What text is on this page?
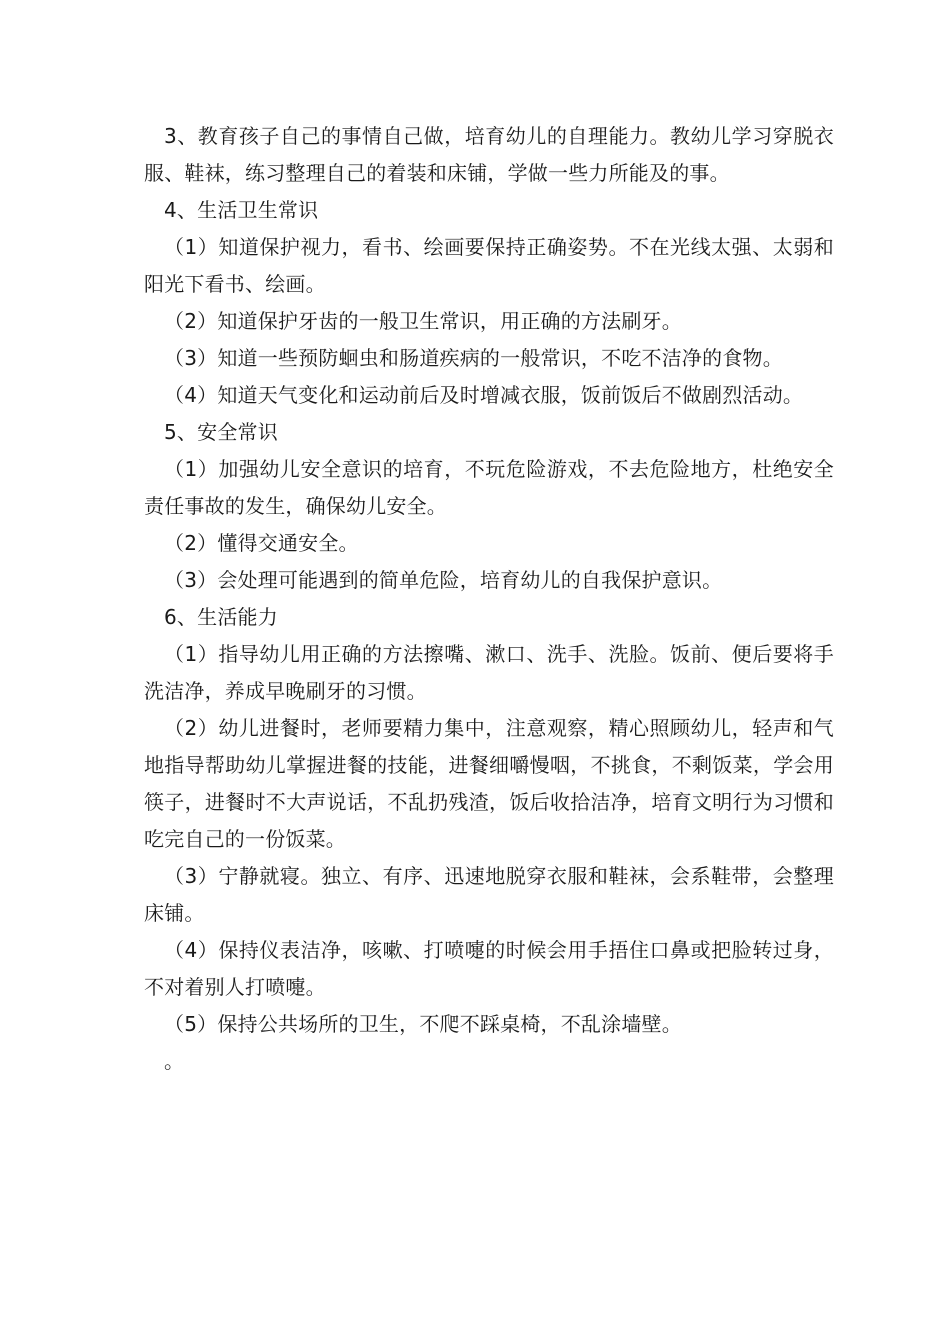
3、教育孩子自己的事情自己做，培育幼儿的自理能力。教幼儿学习穿脱衣服、鞋袜，练习整理自己的着装和床铺，学做一些力所能及的事。

4、生活卫生常识

（1）知道保护视力，看书、绘画要保持正确姿势。不在光线太强、太弱和阳光下看书、绘画。

（2）知道保护牙齿的一般卫生常识，用正确的方法刷牙。

（3）知道一些预防蛔虫和肠道疾病的一般常识，不吃不洁净的食物。

（4）知道天气变化和运动前后及时增减衣服，饭前饭后不做剧烈活动。

5、安全常识

（1）加强幼儿安全意识的培育，不玩危险游戏，不去危险地方，杜绝安全责任事故的发生，确保幼儿安全。

（2）懂得交通安全。

（3）会处理可能遇到的简单危险，培育幼儿的自我保护意识。

6、生活能力

（1）指导幼儿用正确的方法擦嘴、漱口、洗手、洗脸。饭前、便后要将手洗洁净，养成早晚刷牙的习惯。

（2）幼儿进餐时，老师要精力集中，注意观察，精心照顾幼儿，轻声和气地指导帮助幼儿掌握进餐的技能，进餐细嚼慢咽，不挑食，不剩饭菜，学会用筷子，进餐时不大声说话，不乱扔残渣，饭后收拾洁净，培育文明行为习惯和吃完自己的一份饭菜。

（3）宁静就寝。独立、有序、迅速地脱穿衣服和鞋袜，会系鞋带，会整理床铺。

（4）保持仪表洁净，咳嗽、打喷嚏的时候会用手捂住口鼻或把脸转过身，不对着别人打喷嚏。

（5）保持公共场所的卫生，不爬不踩桌椅，不乱涂墙壁。

。
